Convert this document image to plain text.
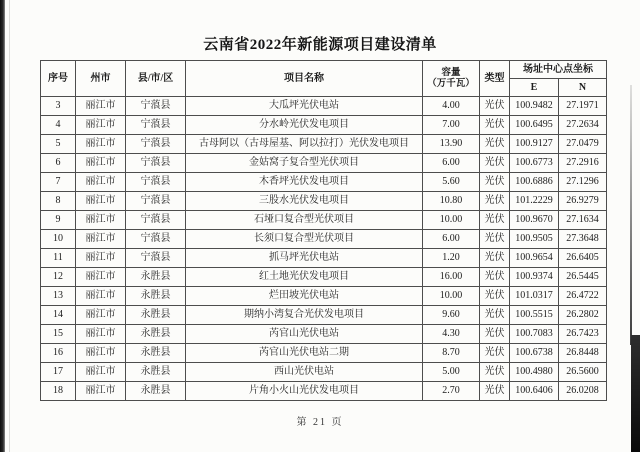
云南省2022年新能源项目建设清单
序号	州市	县/市/区	项目名称	容量
（万千瓦）	类型	场址中心点坐标	
						E	N
3	丽江市	宁蒗县	大瓜坪光伏电站	4.00	光伏	100.9482	27.1971
4	丽江市	宁蒗县	分水岭光伏发电项目	7.00	光伏	100.6495	27.2634
5	丽江市	宁蒗县	古母阿以（古母屋基、阿以拉打）光伏发电项目	13.90	光伏	100.9127	27.0479
6	丽江市	宁蒗县	金姑窝子复合型光伏项目	6.00	光伏	100.6773	27.2916
7	丽江市	宁蒗县	木香坪光伏发电项目	5.60	光伏	100.6886	27.1296
8	丽江市	宁蒗县	三股水光伏发电项目	10.80	光伏	101.2229	26.9279
9	丽江市	宁蒗县	石垭口复合型光伏项目	10.00	光伏	100.9670	27.1634
10	丽江市	宁蒗县	长须口复合型光伏项目	6.00	光伏	100.9505	27.3648
11	丽江市	宁蒗县	抓马坪光伏电站	1.20	光伏	100.9654	26.6405
12	丽江市	永胜县	红土地光伏发电项目	16.00	光伏	100.9374	26.5445
13	丽江市	永胜县	烂田坡光伏电站	10.00	光伏	101.0317	26.4722
14	丽江市	永胜县	期纳小湾复合光伏发电项目	9.60	光伏	100.5515	26.2802
15	丽江市	永胜县	芮官山光伏电站	4.30	光伏	100.7083	26.7423
16	丽江市	永胜县	芮官山光伏电站二期	8.70	光伏	100.6738	26.8448
17	丽江市	永胜县	西山光伏电站	5.00	光伏	100.4980	26.5600
18	丽江市	永胜县	片角小火山光伏发电项目	2.70	光伏	100.6406	26.0208
第 21 页
